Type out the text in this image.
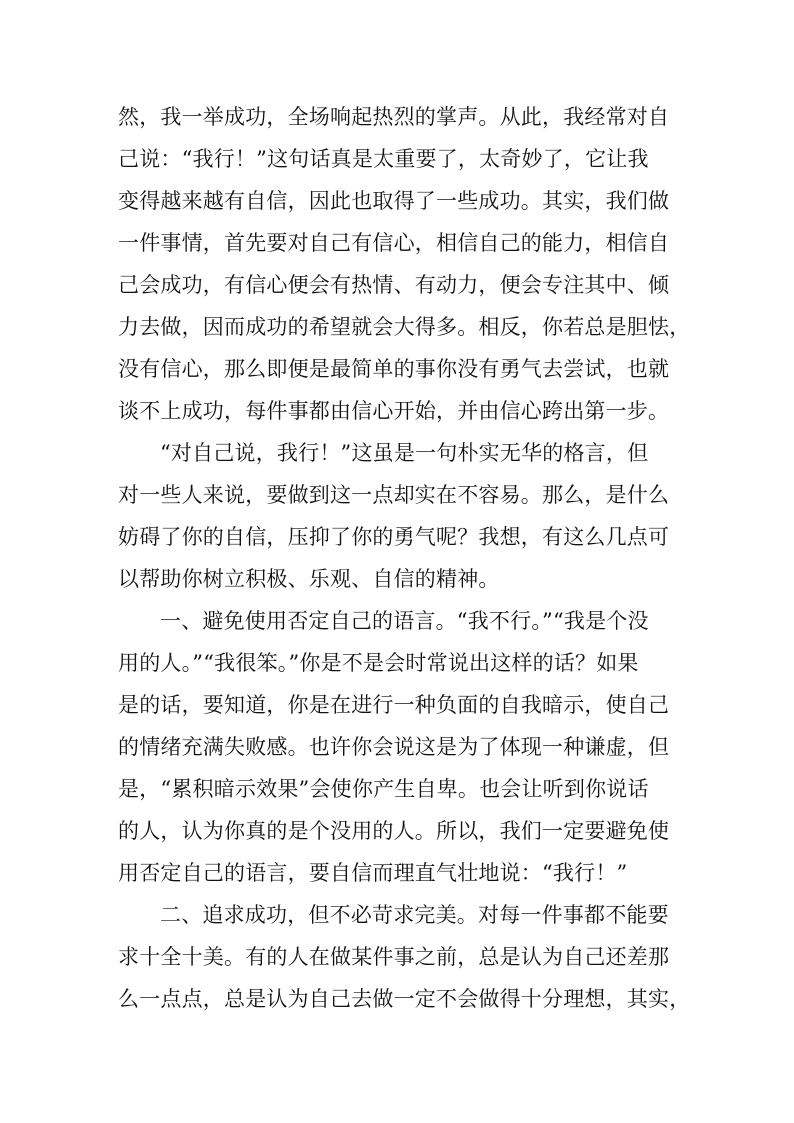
然，我一举成功，全场响起热烈的掌声。从此，我经常对自
己说：“我行！”这句话真是太重要了，太奇妙了，它让我
变得越来越有自信，因此也取得了一些成功。其实，我们做
一件事情，首先要对自己有信心，相信自己的能力，相信自
己会成功，有信心便会有热情、有动力，便会专注其中、倾
力去做，因而成功的希望就会大得多。相反，你若总是胆怯，
没有信心，那么即便是最简单的事你没有勇气去尝试，也就
谈不上成功，每件事都由信心开始，并由信心跨出第一步。
“对自己说，我行！”这虽是一句朴实无华的格言，但
对一些人来说，要做到这一点却实在不容易。那么，是什么
妨碍了你的自信，压抑了你的勇气呢？我想，有这么几点可
以帮助你树立积极、乐观、自信的精神。
一、避免使用否定自己的语言。“我不行。”“我是个没
用的人。”“我很笨。”你是不是会时常说出这样的话？如果
是的话，要知道，你是在进行一种负面的自我暗示，使自己
的情绪充满失败感。也许你会说这是为了体现一种谦虚，但
是，“累积暗示效果”会使你产生自卑。也会让听到你说话
的人，认为你真的是个没用的人。所以，我们一定要避免使
用否定自己的语言，要自信而理直气壮地说：“我行！”
二、追求成功，但不必苛求完美。对每一件事都不能要
求十全十美。有的人在做某件事之前，总是认为自己还差那
么一点点，总是认为自己去做一定不会做得十分理想，其实，
